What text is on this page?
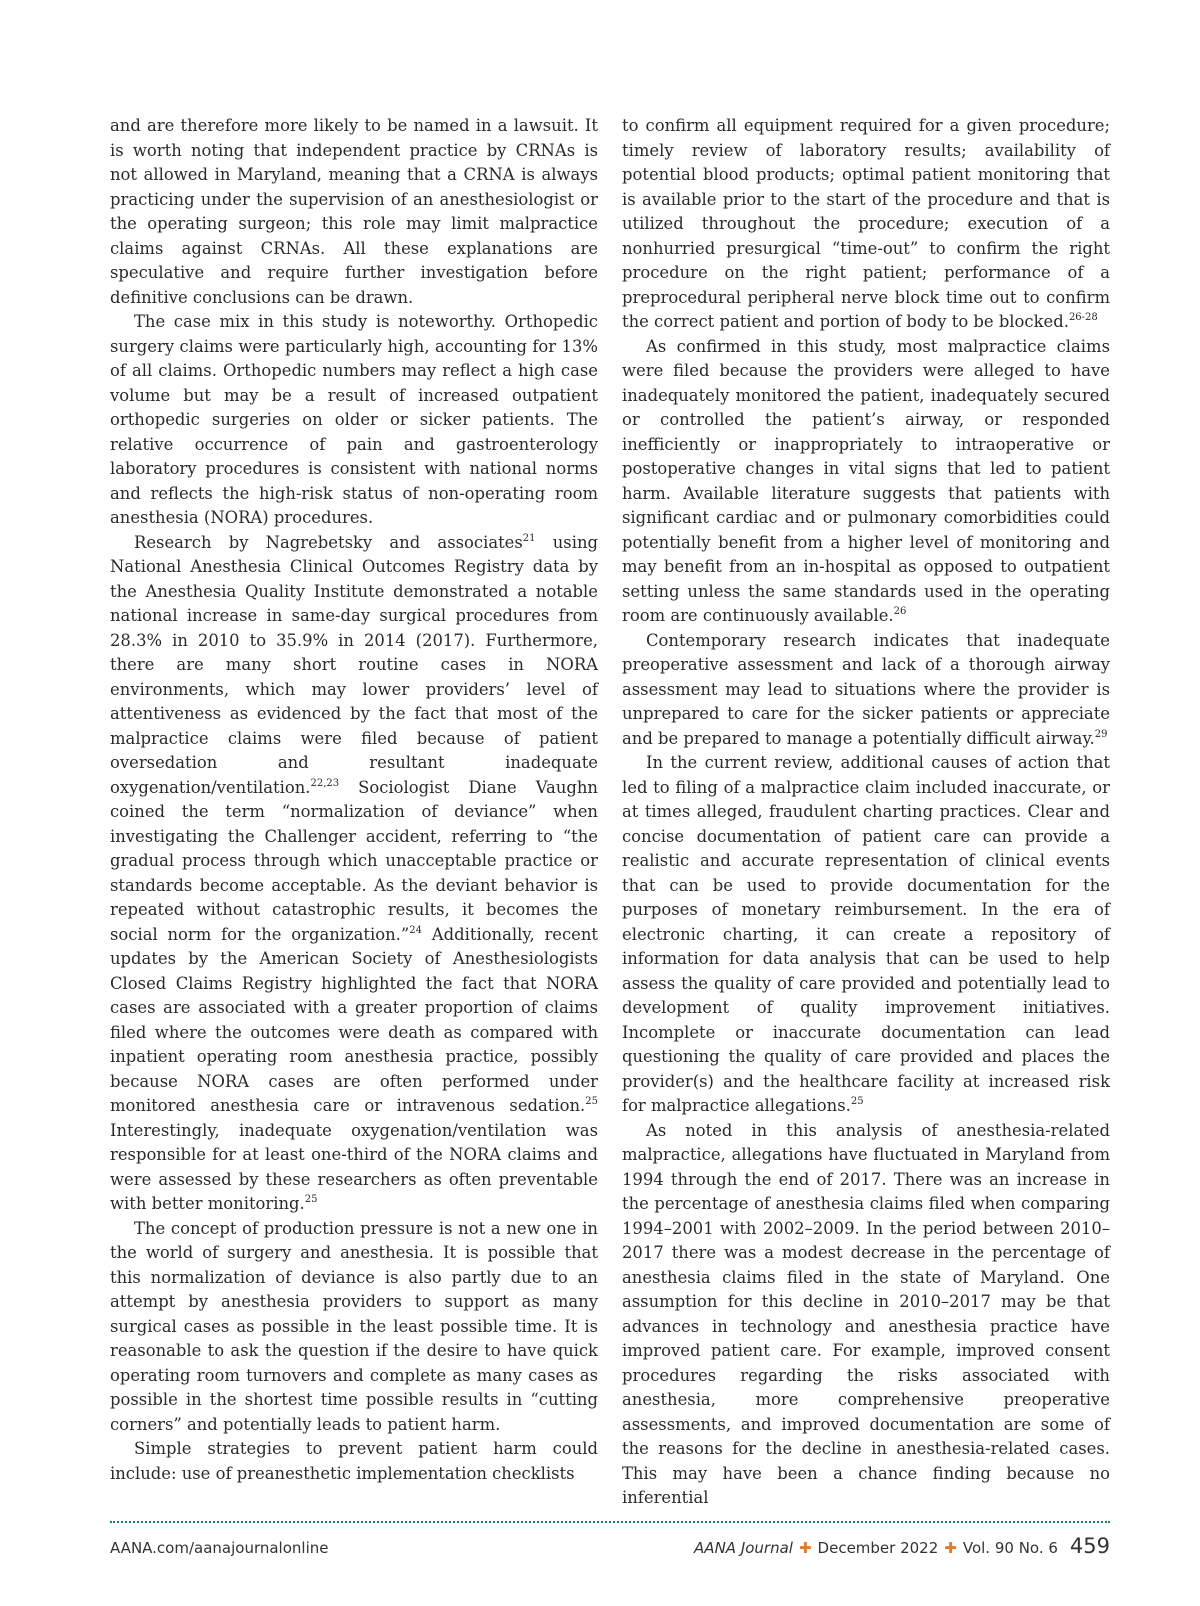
and are therefore more likely to be named in a lawsuit. It is worth noting that independent practice by CRNAs is not allowed in Maryland, meaning that a CRNA is always practicing under the supervision of an anesthesiologist or the operating surgeon; this role may limit malpractice claims against CRNAs. All these explanations are speculative and require further investigation before definitive conclusions can be drawn.

The case mix in this study is noteworthy. Orthopedic surgery claims were particularly high, accounting for 13% of all claims. Orthopedic numbers may reflect a high case volume but may be a result of increased outpatient orthopedic surgeries on older or sicker patients. The relative occurrence of pain and gastroenterology laboratory procedures is consistent with national norms and reflects the high-risk status of non-operating room anesthesia (NORA) procedures.

Research by Nagrebetsky and associates$^{21}$ using National Anesthesia Clinical Outcomes Registry data by the Anesthesia Quality Institute demonstrated a notable national increase in same-day surgical procedures from 28.3% in 2010 to 35.9% in 2014 (2017). Furthermore, there are many short routine cases in NORA environments, which may lower providers’ level of attentiveness as evidenced by the fact that most of the malpractice claims were filed because of patient oversedation and resultant inadequate oxygenation/ventilation.$^{22,23}$ Sociologist Diane Vaughn coined the term “normalization of deviance” when investigating the Challenger accident, referring to “the gradual process through which unacceptable practice or standards become acceptable. As the deviant behavior is repeated without catastrophic results, it becomes the social norm for the organization.”$^{24}$ Additionally, recent updates by the American Society of Anesthesiologists Closed Claims Registry highlighted the fact that NORA cases are associated with a greater proportion of claims filed where the outcomes were death as compared with inpatient operating room anesthesia practice, possibly because NORA cases are often performed under monitored anesthesia care or intravenous sedation.$^{25}$ Interestingly, inadequate oxygenation/ventilation was responsible for at least one-third of the NORA claims and were assessed by these researchers as often preventable with better monitoring.$^{25}$

The concept of production pressure is not a new one in the world of surgery and anesthesia. It is possible that this normalization of deviance is also partly due to an attempt by anesthesia providers to support as many surgical cases as possible in the least possible time. It is reasonable to ask the question if the desire to have quick operating room turnovers and complete as many cases as possible in the shortest time possible results in “cutting corners” and potentially leads to patient harm.

Simple strategies to prevent patient harm could include: use of preanesthetic implementation checklists

to confirm all equipment required for a given procedure; timely review of laboratory results; availability of potential blood products; optimal patient monitoring that is available prior to the start of the procedure and that is utilized throughout the procedure; execution of a nonhurried presurgical “time-out” to confirm the right procedure on the right patient; performance of a preprocedural peripheral nerve block time out to confirm the correct patient and portion of body to be blocked.$^{26-28}$

As confirmed in this study, most malpractice claims were filed because the providers were alleged to have inadequately monitored the patient, inadequately secured or controlled the patient’s airway, or responded inefficiently or inappropriately to intraoperative or postoperative changes in vital signs that led to patient harm. Available literature suggests that patients with significant cardiac and or pulmonary comorbidities could potentially benefit from a higher level of monitoring and may benefit from an in-hospital as opposed to outpatient setting unless the same standards used in the operating room are continuously available.$^{26}$

Contemporary research indicates that inadequate preoperative assessment and lack of a thorough airway assessment may lead to situations where the provider is unprepared to care for the sicker patients or appreciate and be prepared to manage a potentially difficult airway.$^{29}$

In the current review, additional causes of action that led to filing of a malpractice claim included inaccurate, or at times alleged, fraudulent charting practices. Clear and concise documentation of patient care can provide a realistic and accurate representation of clinical events that can be used to provide documentation for the purposes of monetary reimbursement. In the era of electronic charting, it can create a repository of information for data analysis that can be used to help assess the quality of care provided and potentially lead to development of quality improvement initiatives. Incomplete or inaccurate documentation can lead questioning the quality of care provided and places the provider(s) and the healthcare facility at increased risk for malpractice allegations.$^{25}$

As noted in this analysis of anesthesia-related malpractice, allegations have fluctuated in Maryland from 1994 through the end of 2017. There was an increase in the percentage of anesthesia claims filed when comparing 1994–2001 with 2002–2009. In the period between 2010–2017 there was a modest decrease in the percentage of anesthesia claims filed in the state of Maryland. One assumption for this decline in 2010–2017 may be that advances in technology and anesthesia practice have improved patient care. For example, improved consent procedures regarding the risks associated with anesthesia, more comprehensive preoperative assessments, and improved documentation are some of the reasons for the decline in anesthesia-related cases. This may have been a chance finding because no inferential

AANA.com/aanajournalonline	AANA Journal ✚ December 2022 ✚ Vol. 90 No. 6 459
